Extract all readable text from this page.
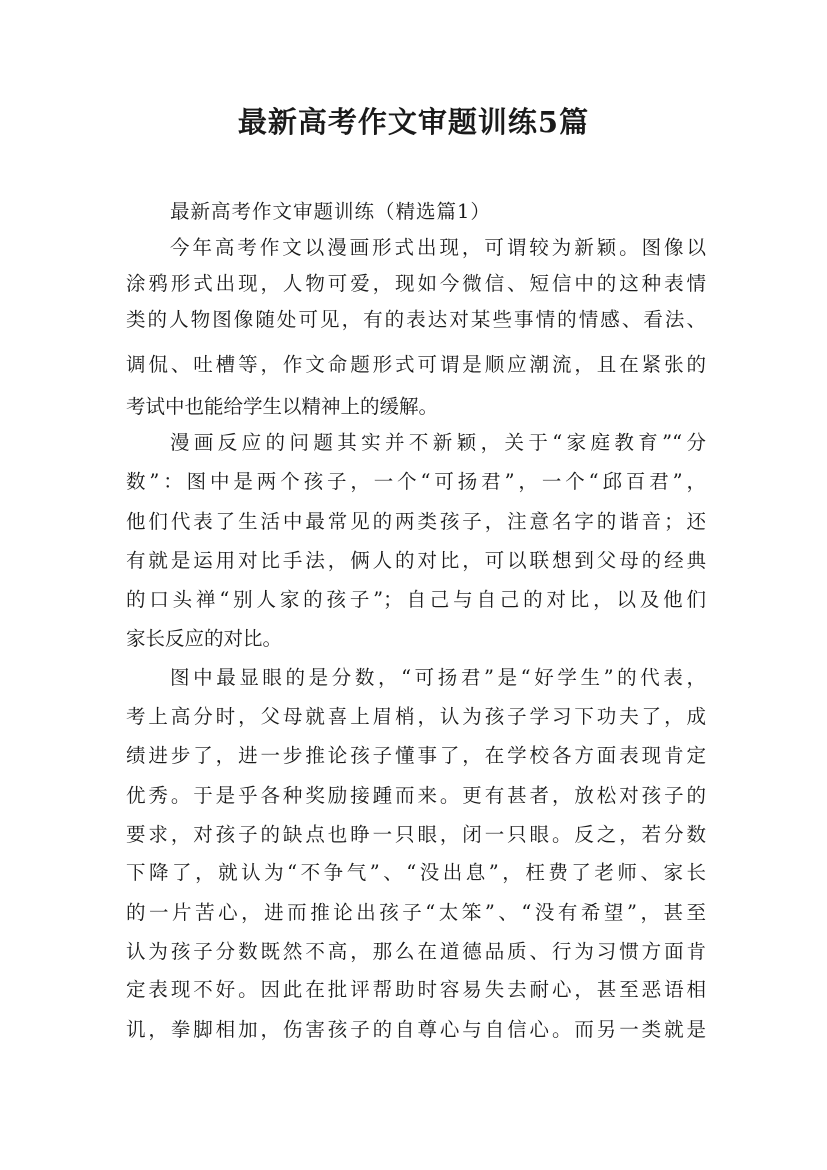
最新高考作文审题训练5篇

最新高考作文审题训练（精选篇1）

今年高考作文以漫画形式出现，可谓较为新颖。图像以

涂鸦形式出现，人物可爱，现如今微信、短信中的这种表情

类的人物图像随处可见，有的表达对某些事情的情感、看法、

调侃、吐槽等，作文命题形式可谓是顺应潮流，且在紧张的

考试中也能给学生以精神上的缓解。

漫画反应的问题其实并不新颖，关于“家庭教育”“分

数”：图中是两个孩子，一个“可扬君”，一个“邱百君”，

他们代表了生活中最常见的两类孩子，注意名字的谐音；还

有就是运用对比手法，俩人的对比，可以联想到父母的经典

的口头禅“别人家的孩子”；自己与自己的对比，以及他们

家长反应的对比。

图中最显眼的是分数，“可扬君”是“好学生”的代表，

考上高分时，父母就喜上眉梢，认为孩子学习下功夫了，成

绩进步了，进一步推论孩子懂事了，在学校各方面表现肯定

优秀。于是乎各种奖励接踵而来。更有甚者，放松对孩子的

要求，对孩子的缺点也睁一只眼，闭一只眼。反之，若分数

下降了，就认为“不争气”、“没出息”，枉费了老师、家长

的一片苦心，进而推论出孩子“太笨”、“没有希望”，甚至

认为孩子分数既然不高，那么在道德品质、行为习惯方面肯

定表现不好。因此在批评帮助时容易失去耐心，甚至恶语相

讥，拳脚相加，伤害孩子的自尊心与自信心。而另一类就是
